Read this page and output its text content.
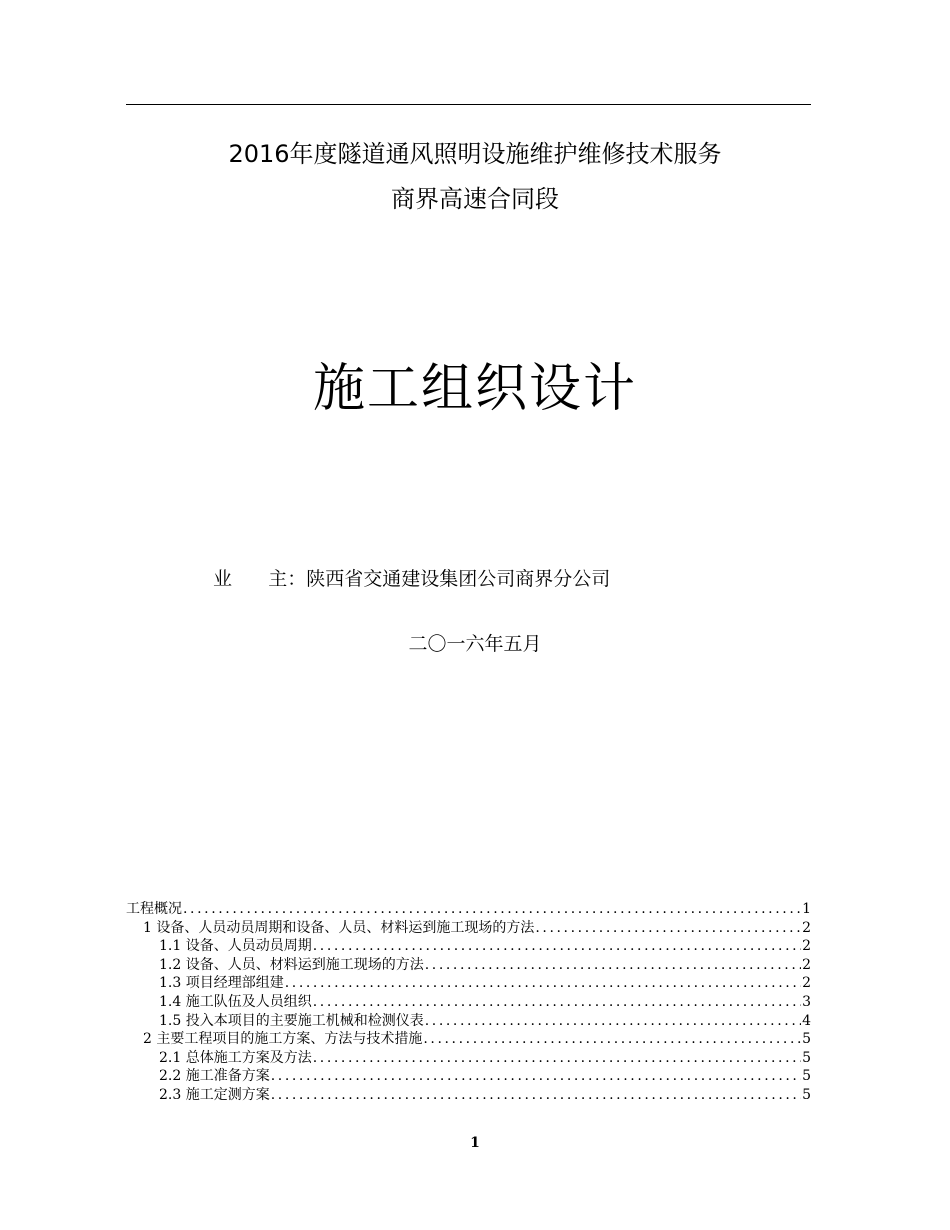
2016年度隧道通风照明设施维护维修技术服务
商界高速合同段
施工组织设计
业      主：陕西省交通建设集团公司商界分公司
二〇一六年五月
工程概况 .....	1
1 设备、人员动员周期和设备、人员、材料运到施工现场的方法 .....	2
1.1 设备、人员动员周期 .....	2
1.2 设备、人员、材料运到施工现场的方法 .....	2
1.3 项目经理部组建 .....	2
1.4 施工队伍及人员组织 .....	3
1.5 投入本项目的主要施工机械和检测仪表 .....	4
2 主要工程项目的施工方案、方法与技术措施 .....	5
2.1 总体施工方案及方法 .....	5
2.2 施工准备方案 .....	5
2.3 施工定测方案 .....	5
1
